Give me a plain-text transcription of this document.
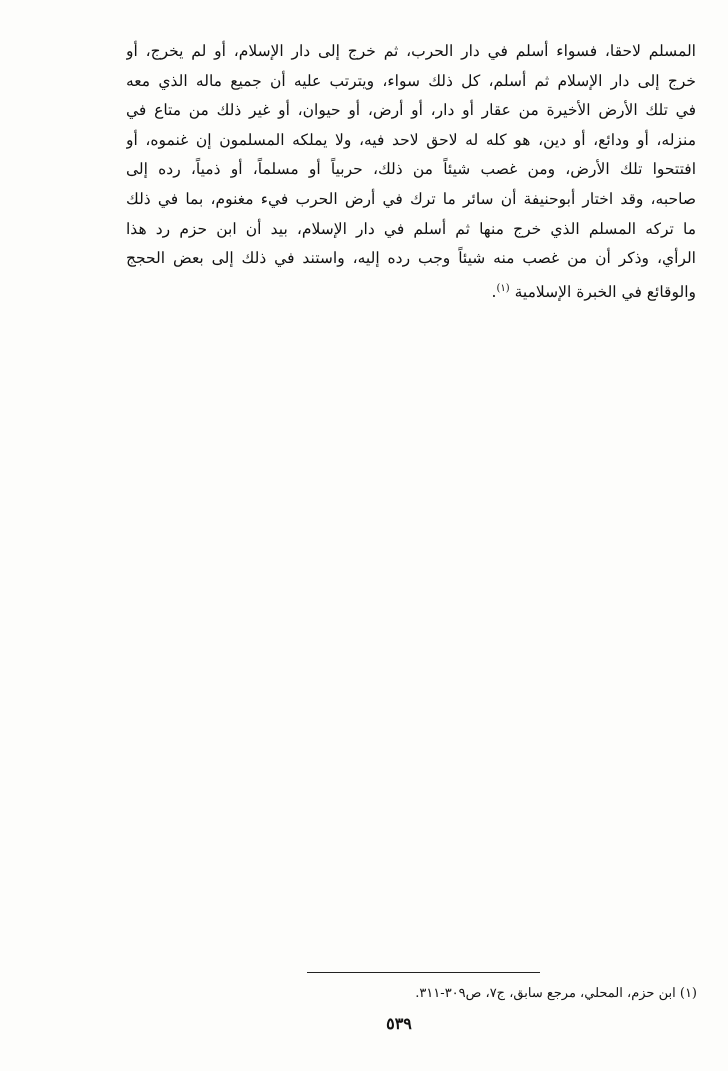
المسلم لاحقا، فسواء أسلم في دار الحرب، ثم خرج إلى دار الإسلام، أو لم يخرج، أو
خرج إلى دار الإسلام ثم أسلم، كل ذلك سواء، ويترتب عليه أن جميع ماله الذي معه
في تلك الأرض الأخيرة من عقار أو دار، أو أرض، أو حيوان، أو غير ذلك من متاع في
منزله، أو ودائع، أو دين، هو كله له لاحق لاحد فيه، ولا يملكه المسلمون إن غنموه، أو
افتتحوا تلك الأرض، ومن غصب شيئاً من ذلك، حربياً أو مسلماً، أو ذمياً، رده إلى
صاحبه، وقد اختار أبوحنيفة أن سائر ما ترك في أرض الحرب فيء مغنوم، بما في ذلك
ما تركه المسلم الذي خرج منها ثم أسلم في دار الإسلام، بيد أن ابن حزم رد هذا
الرأي، وذكر أن من غصب منه شيئاً وجب رده إليه، واستند في ذلك إلى بعض الحجج
والوقائع في الخبرة الإسلامية $^{(١)}$.
(١) ابن حزم، المحلي، مرجع سابق، ج٧، ص٣٠٩-٣١١.
٥٣٩
